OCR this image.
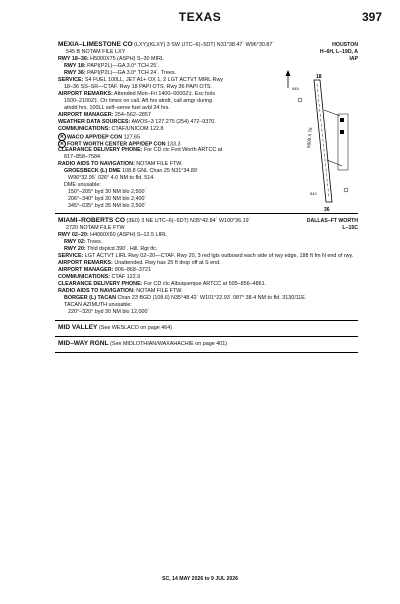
TEXAS	397
MEXIA–LIMESTONE CO (LXY)(KLXY) 3 SW UTC–6(–5DT) N31°38.47´ W96°30.87´	HOUSTON
545 B NOTAM FILE LXY	H–6H, L–19D, A
IAP
RWY 18–36: H5000X75 (ASPH) S–30 MIRL
RWY 18: PAPI(P2L)—GA 3.0° TCH 25´.
RWY 36: PAPI(P2L)—GA 3.0° TCH 24´. Trees.
SERVICE: S4 FUEL 100LL, JET A1+ OX 1, 2 LGT ACTVT MIRL Rwy
18–36 SS–SR—CTAF. Rwy 18 PAPI OTS. Rwy 36 PAPI OTS.
AIRPORT REMARKS: Attended Mon–Fri 1400–0000Z‡. Exc hols
1500–2100Z‡. Ctr times on call. Aft hrs atndt, call amgr during
atndd hrs. 100LL self–serve fuel avbl 24 hrs.
AIRPORT MANAGER: 254–562–2857
WEATHER DATA SOURCES: AWOS–3 127.275 (254) 472–9370.
COMMUNICATIONS: CTAF/UNICOM 122.8
R WACO APP/DEP CON 127.65
R FORT WORTH CENTER APP/DEP CON 133.3
CLEARANCE DELIVERY PHONE: For CD ctc Fort Worth ARTCC at
817–858–7584.
RADIO AIDS TO NAVIGATION: NOTAM FILE FTW.
GROESBECK (L) DME 108.8 GNL Chan 25 N31°34.89´
W96°32.95´ 026° 4.0 NM to fld. 514.
DME unusable:
150°–205° byd 30 NM blo 2,500´
206°–340° byd 30 NM blo 2,400´
345°–035° byd 35 NM blo 2,500´
18
36
5000 X 75
545
542
MIAMI–ROBERTS CO (3E0) 3 NE UTC–6(–5DT) N35°42.84´ W100°36.19´	DALLAS–FT WORTH
2720 NOTAM FILE FTW	L–15C
RWY 02–20: H4060X50 (ASPH) S–12.5 LIRL
RWY 02: Trees.
RWY 20: Thld dsplcd 390´. Hill. Rgt tfc.
SERVICE: LGT ACTVT LIRL Rwy 02–20—CTAF. Rwy 20, 3 red lgts outboard each side of rwy edge, 188 ft fm N end of rwy.
AIRPORT REMARKS: Unattended. Rwy has 25 ft drop off at S end.
AIRPORT MANAGER: 806–868–3721
COMMUNICATIONS: CTAF 122.9
CLEARANCE DELIVERY PHONE: For CD ctc Albuquerque ARTCC at 505–856–4861.
RADIO AIDS TO NAVIGATION: NOTAM FILE FTW.
BORGER (L) TACAN Chan 23 BGD (108.6) N35°48.42´ W101°22.93´ 087° 38.4 NM to fld. 3130/11E.
TACAN AZIMUTH unusable:
220°–320° byd 30 NM blo 12,000´
MID VALLEY (See WESLACO on page 464)
MID–WAY RGNL (See MIDLOTHIAN/WAXAHACHIE on page 401)
SC, 14 MAY 2026 to 9 JUL 2026
